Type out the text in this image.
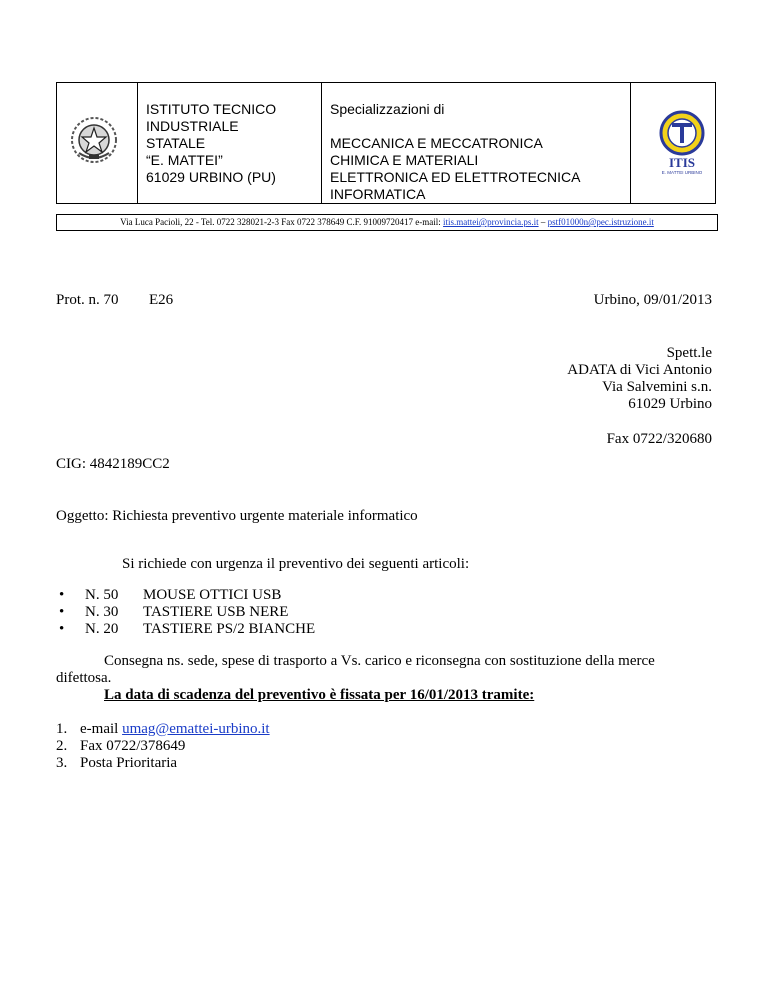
ISTITUTO TECNICO
INDUSTRIALE
STATALE
“E. MATTEI”
61029 URBINO (PU)

Specializzazioni di
MECCANICA E MECCATRONICA
CHIMICA E MATERIALI
ELETTRONICA ED ELETTROTECNICA
INFORMATICA

ITIS
E. MATTEI URBINO
Via Luca Pacioli, 22 - Tel. 0722 328021-2-3 Fax 0722 378649 C.F. 91009720417 e-mail: itis.mattei@provincia.ps.it – pstf01000n@pec.istruzione.it
Prot. n. 70 E26	Urbino, 09/01/2013
Spett.le
ADATA di Vici Antonio
Via Salvemini s.n.
61029 Urbino
Fax 0722/320680
CIG: 4842189CC2
Oggetto: Richiesta preventivo urgente materiale informatico
Si richiede con urgenza il preventivo dei seguenti articoli:
• N. 50 MOUSE OTTICI USB
• N. 30 TASTIERE USB NERE
• N. 20 TASTIERE PS/2 BIANCHE
Consegna ns. sede, spese di trasporto a Vs. carico e riconsegna con sostituzione della merce
difettosa.
La data di scadenza del preventivo è fissata per 16/01/2013 tramite:
1. e-mail umag@emattei-urbino.it
2. Fax 0722/378649
3. Posta Prioritaria
